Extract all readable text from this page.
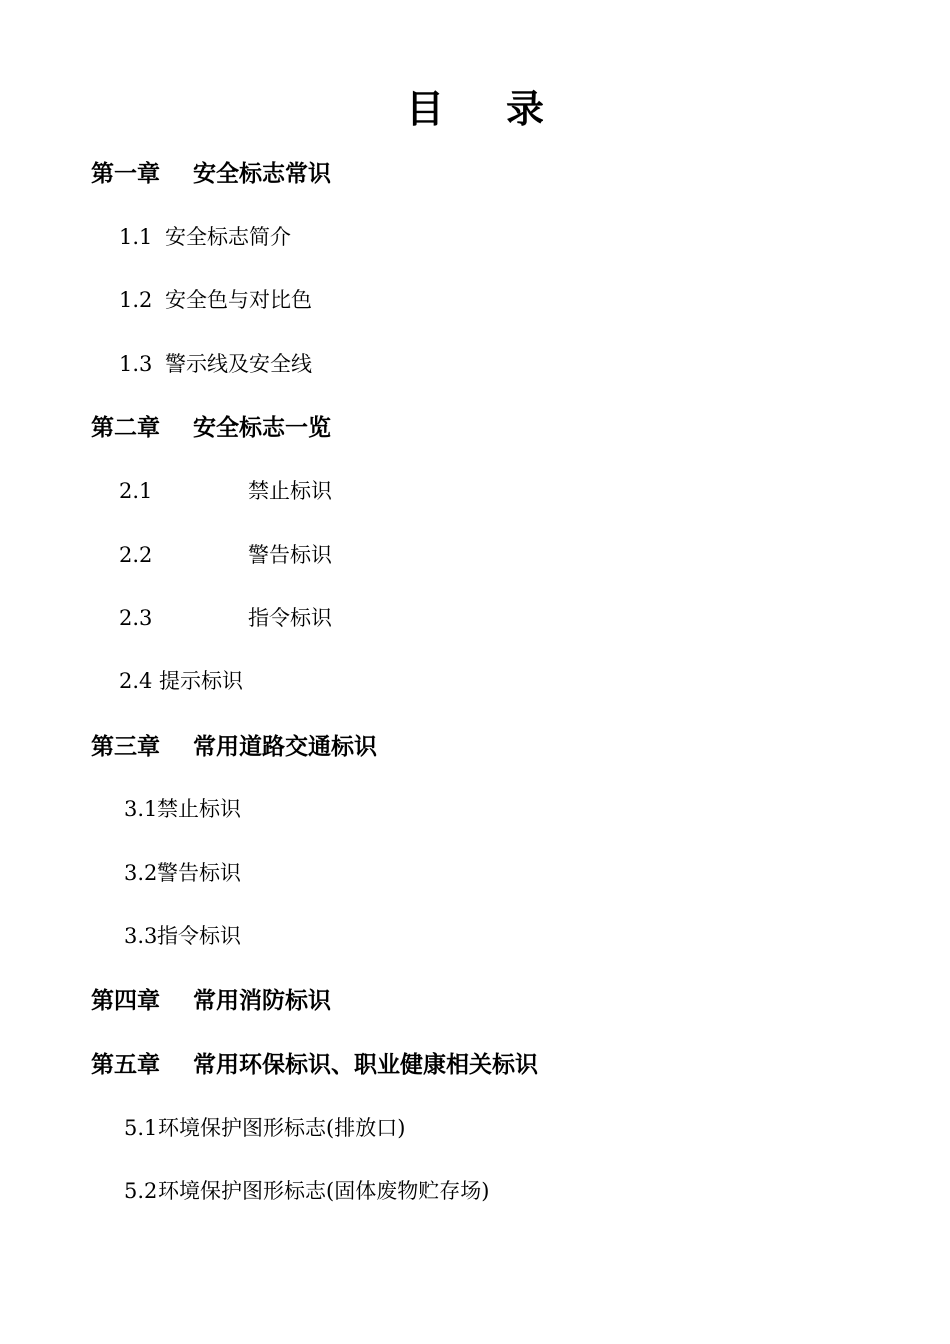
目 录
第一章 安全标志常识
1.1 安全标志简介
1.2 安全色与对比色
1.3 警示线及安全线
第二章 安全标志一览
2.1	禁止标识
2.2	警告标识
2.3	指令标识
2.4 提示标识
第三章 常用道路交通标识
3.1禁止标识
3.2警告标识
3.3指令标识
第四章 常用消防标识
第五章 常用环保标识、职业健康相关标识
5.1环境保护图形标志(排放口)
5.2环境保护图形标志(固体废物贮存场)
